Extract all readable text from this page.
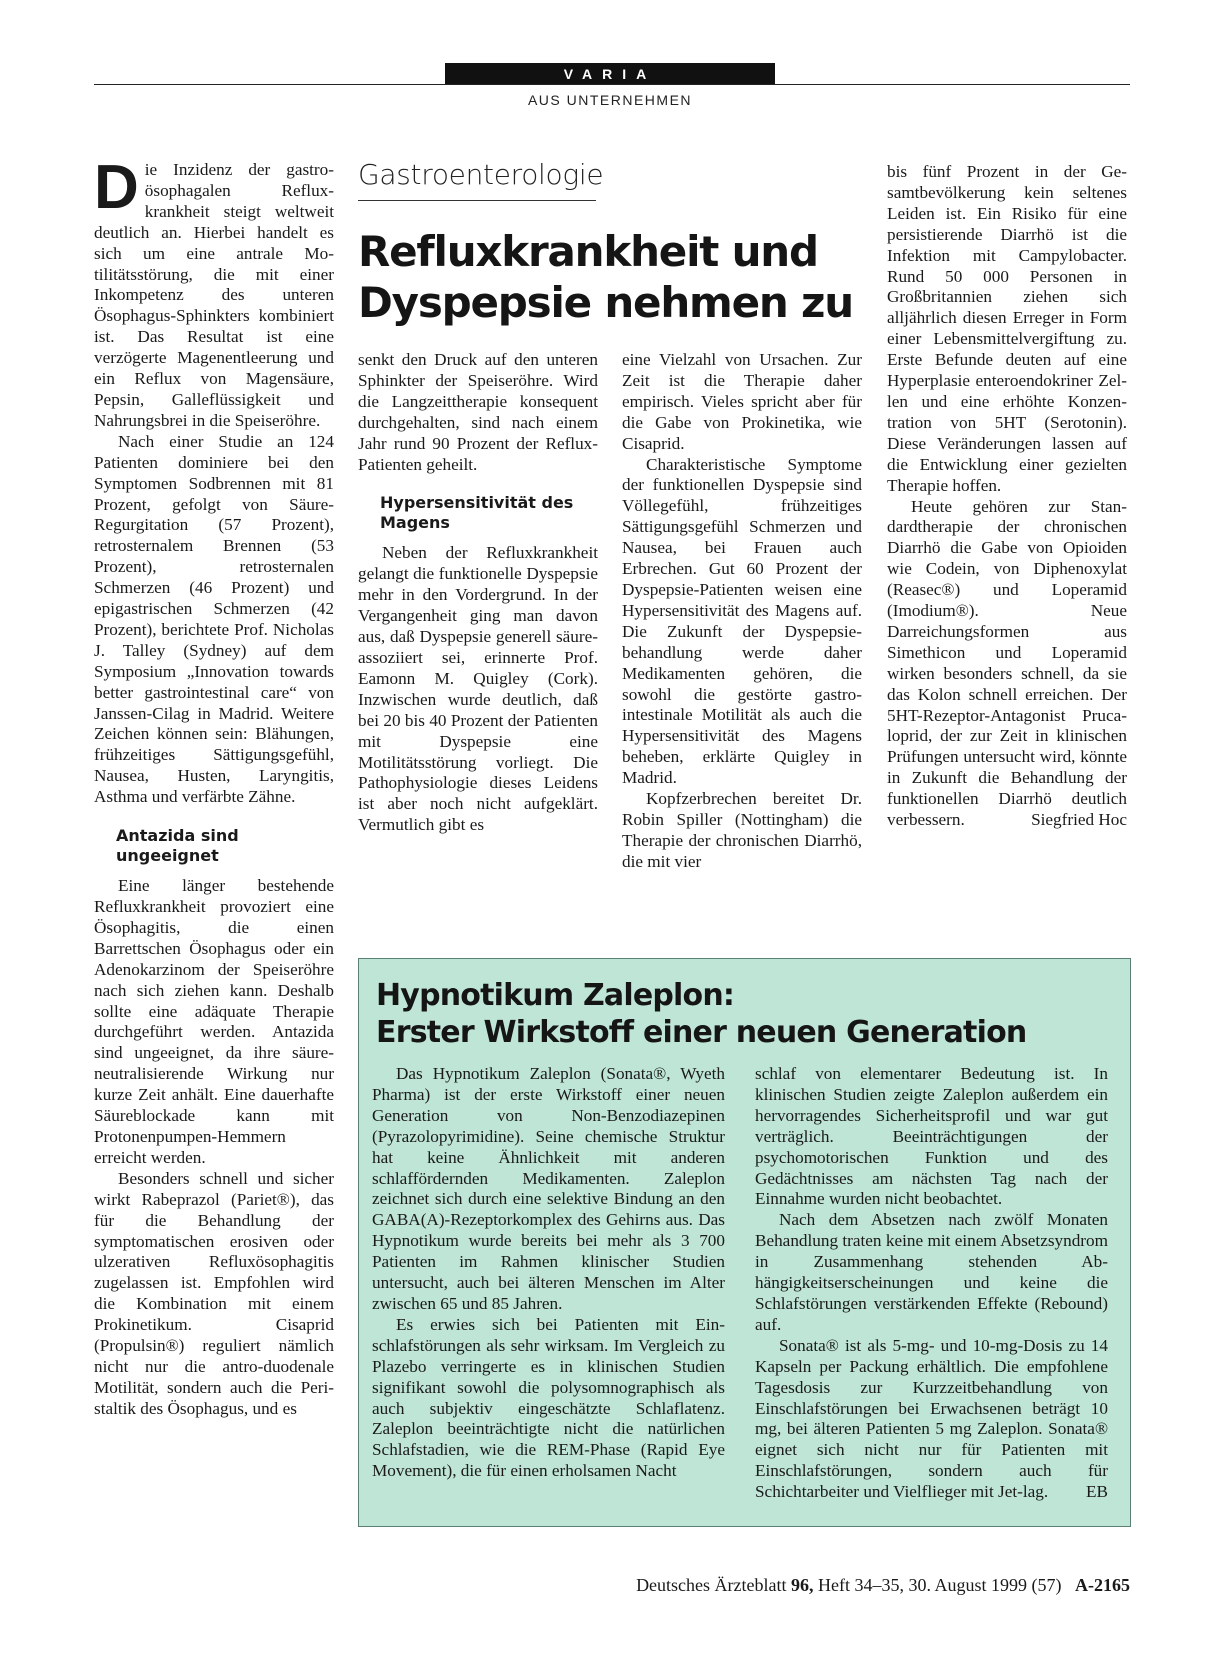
VARIA
AUS UNTERNEHMEN

Die Inzidenz der gastroösophagalen Refluxkrankheit steigt weltweit deutlich an. Hierbei handelt es sich um eine antrale Motilitätsstörung, die mit einer Inkompetenz des unteren Ösophagus-Sphinkters kombiniert ist. Das Resultat ist eine verzögerte Magenentleerung und ein Reflux von Magensäure, Pepsin, Galleflüssigkeit und Nahrungsbrei in die Speiseröhre.

Nach einer Studie an 124 Patienten dominiere bei den Symptomen Sodbrennen mit 81 Prozent, gefolgt von Säure-Regurgitation (57 Prozent), retrosternalem Brennen (53 Prozent), retrosternalen Schmerzen (46 Prozent) und epigastrischen Schmerzen (42 Prozent), berichtete Prof. Nicholas J. Talley (Sydney) auf dem Symposium „Innovation towards better gastrointestinal care“ von Janssen-Cilag in Madrid. Weitere Zeichen können sein: Blähungen, frühzeitiges Sättigungsgefühl, Nausea, Husten, Laryngitis, Asthma und verfärbte Zähne.

Antazida sind ungeeignet

Eine länger bestehende Refluxkrankheit provoziert eine Ösophagitis, die einen Barrettschen Ösophagus oder ein Adenokarzinom der Speiseröhre nach sich ziehen kann. Deshalb sollte eine adäquate Therapie durchgeführt werden. Antazida sind ungeeignet, da ihre säureneutralisierende Wirkung nur kurze Zeit anhält. Eine dauerhafte Säureblockade kann mit Protonenpumpen-Hemmern erreicht werden.

Besonders schnell und sicher wirkt Rabeprazol (Pariet®), das für die Behandlung der symptomatischen erosiven oder ulzerativen Refluxösophagitis zugelassen ist. Empfohlen wird die Kombination mit einem Prokinetikum. Cisaprid (Propulsin®) reguliert nämlich nicht nur die antro-duodenale Motilität, sondern auch die Peristaltik des Ösophagus, und es

Gastroenterologie
Refluxkrankheit und
Dyspepsie nehmen zu

senkt den Druck auf den unteren Sphinkter der Speiseröhre. Wird die Langzeittherapie konsequent durchgehalten, sind nach einem Jahr rund 90 Prozent der Reflux-Patienten geheilt.

Hypersensitivität des Magens

Neben der Refluxkrankheit gelangt die funktionelle Dyspepsie mehr in den Vordergrund. In der Vergangenheit ging man davon aus, daß Dyspepsie generell säureassoziiert sei, erinnerte Prof. Eamonn M. Quigley (Cork). Inzwischen wurde deutlich, daß bei 20 bis 40 Prozent der Patienten mit Dyspepsie eine Motilitätsstörung vorliegt. Die Pathophysiologie dieses Leidens ist aber noch nicht aufgeklärt. Vermutlich gibt es

eine Vielzahl von Ursachen. Zur Zeit ist die Therapie daher empirisch. Vieles spricht aber für die Gabe von Prokinetika, wie Cisaprid.

Charakteristische Symptome der funktionellen Dyspepsie sind Völlegefühl, frühzeitiges Sättigungsgefühl Schmerzen und Nausea, bei Frauen auch Erbrechen. Gut 60 Prozent der Dyspepsie-Patienten weisen eine Hypersensitivität des Magens auf. Die Zukunft der Dyspepsiebehandlung werde daher Medikamenten gehören, die sowohl die gestörte gastrointestinale Motilität als auch die Hypersensitivität des Magens beheben, erklärte Quigley in Madrid.

Kopfzerbrechen bereitet Dr. Robin Spiller (Nottingham) die Therapie der chronischen Diarrhö, die mit vier

bis fünf Prozent in der Gesamtbevölkerung kein seltenes Leiden ist. Ein Risiko für eine persistierende Diarrhö ist die Infektion mit Campylobacter. Rund 50 000 Personen in Großbritannien ziehen sich alljährlich diesen Erreger in Form einer Lebensmittelvergiftung zu. Erste Befunde deuten auf eine Hyperplasie enteroendokriner Zellen und eine erhöhte Konzentration von 5HT (Serotonin). Diese Veränderungen lassen auf die Entwicklung einer gezielten Therapie hoffen.

Heute gehören zur Standardtherapie der chronischen Diarrhö die Gabe von Opioiden wie Codein, von Diphenoxylat (Reasec®) und Loperamid (Imodium®). Neue Darreichungsformen aus Simethicon und Loperamid wirken besonders schnell, da sie das Kolon schnell erreichen. Der 5HT-Rezeptor-Antagonist Prucaloprid, der zur Zeit in klinischen Prüfungen untersucht wird, könnte in Zukunft die Behandlung der funktionellen Diarrhö deutlich verbessern.	Siegfried Hoc

Hypnotikum Zaleplon:
Erster Wirkstoff einer neuen Generation

Das Hypnotikum Zaleplon (Sonata®, Wyeth Pharma) ist der erste Wirkstoff einer neuen Generation von Non-Benzodiazepinen (Pyrazolopyrimidine). Seine chemische Struktur hat keine Ähnlichkeit mit anderen schlaffördernden Medikamenten. Zaleplon zeichnet sich durch eine selektive Bindung an den GABA(A)-Rezeptorkomplex des Gehirns aus. Das Hypnotikum wurde bereits bei mehr als 3 700 Patienten im Rahmen klinischer Studien untersucht, auch bei älteren Menschen im Alter zwischen 65 und 85 Jahren.

Es erwies sich bei Patienten mit Einschlafstörungen als sehr wirksam. Im Vergleich zu Plazebo verringerte es in klinischen Studien signifikant sowohl die polysomnographisch als auch subjektiv eingeschätzte Schlaflatenz. Zaleplon beeinträchtigte nicht die natürlichen Schlafstadien, wie die REM-Phase (Rapid Eye Movement), die für einen erholsamen Nacht

schlaf von elementarer Bedeutung ist. In klinischen Studien zeigte Zaleplon außerdem ein hervorragendes Sicherheitsprofil und war gut verträglich. Beeinträchtigungen der psychomotorischen Funktion und des Gedächtnisses am nächsten Tag nach der Einnahme wurden nicht beobachtet.

Nach dem Absetzen nach zwölf Monaten Behandlung traten keine mit einem Absetzsyndrom in Zusammenhang stehenden Abhängigkeitserscheinungen und keine die Schlafstörungen verstärkenden Effekte (Rebound) auf.

Sonata® ist als 5-mg- und 10-mg-Dosis zu 14 Kapseln per Packung erhältlich. Die empfohlene Tagesdosis zur Kurzzeitbehandlung von Einschlafstörungen bei Erwachsenen beträgt 10 mg, bei älteren Patienten 5 mg Zaleplon. Sonata® eignet sich nicht nur für Patienten mit Einschlafstörungen, sondern auch für Schichtarbeiter und Vielflieger mit Jet-lag.	EB

Deutsches Ärzteblatt 96, Heft 34–35, 30. August 1999 (57) A-2165
